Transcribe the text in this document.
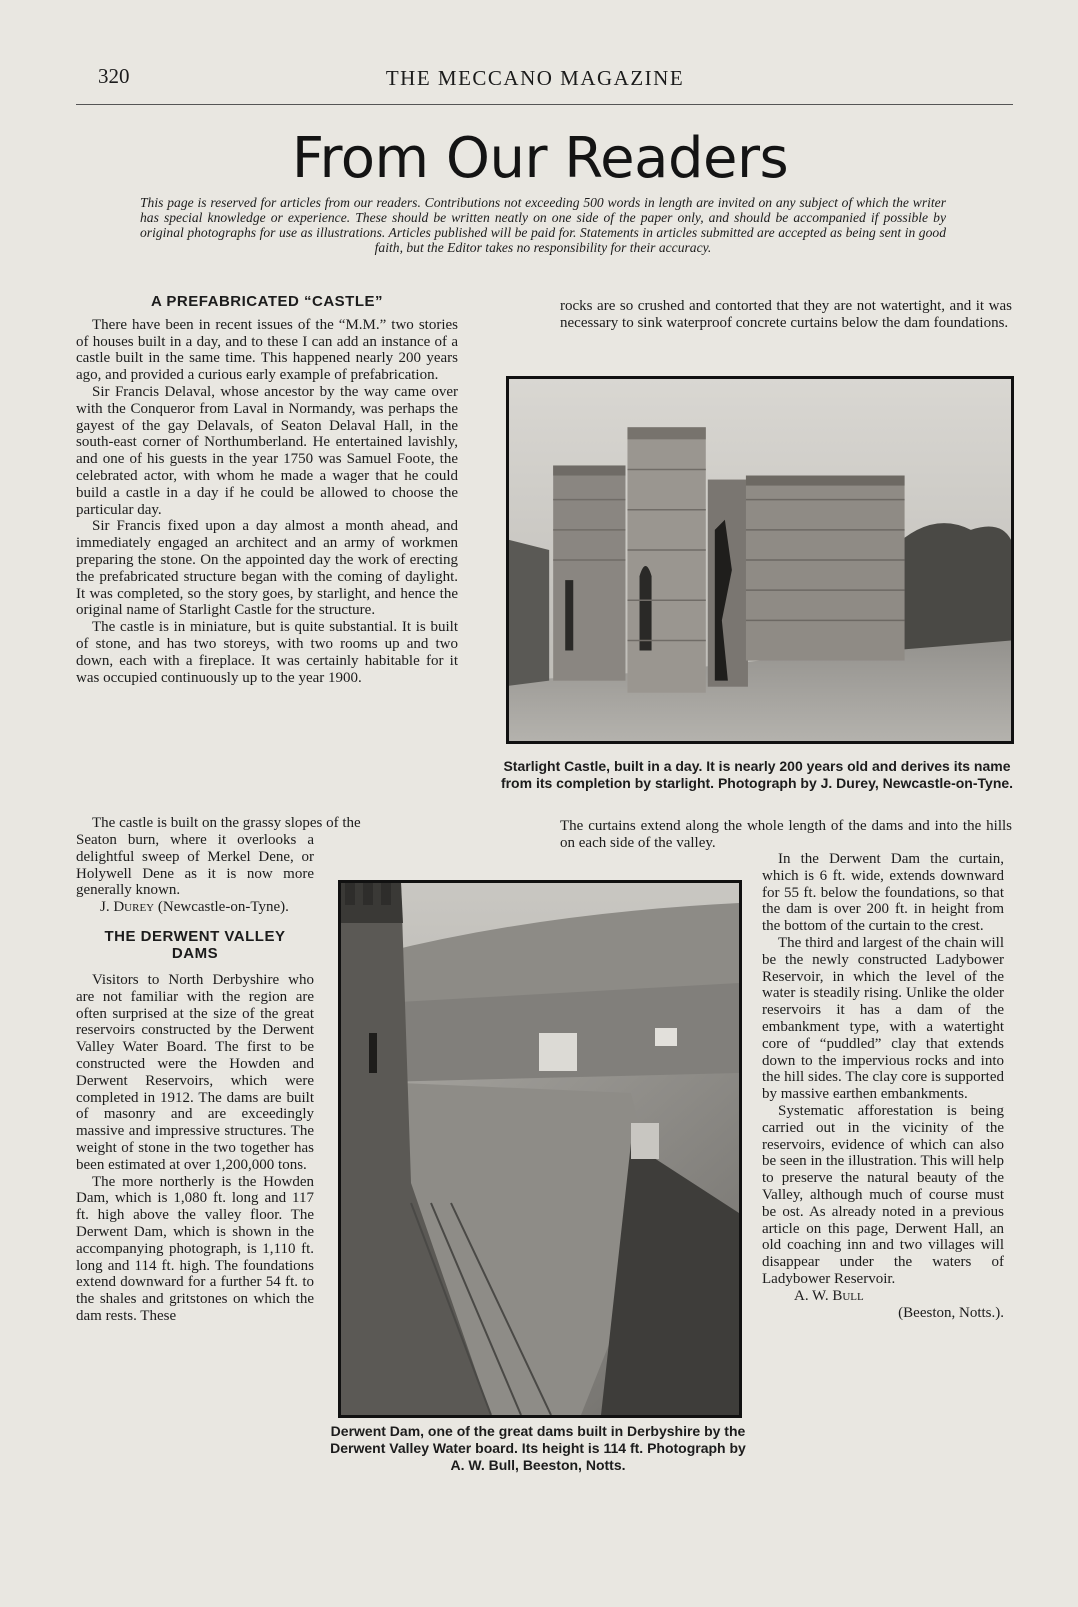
320	THE MECCANO MAGAZINE
From Our Readers
This page is reserved for articles from our readers. Contributions not exceeding 500 words in length are invited on any subject of which the writer has special knowledge or experience. These should be written neatly on one side of the paper only, and should be accompanied if possible by original photographs for use as illustrations. Articles published will be paid for. Statements in articles submitted are accepted as being sent in good faith, but the Editor takes no responsibility for their accuracy.
A PREFABRICATED “CASTLE”

There have been in recent issues of the “M.M.” two stories of houses built in a day, and to these I can add an instance of a castle built in the same time. This happened nearly 200 years ago, and provided a curious early example of prefabrication.

Sir Francis Delaval, whose ancestor by the way came over with the Conqueror from Laval in Normandy, was perhaps the gayest of the gay Delavals, of Seaton Delaval Hall, in the south-east corner of Northumberland. He entertained lavishly, and one of his guests in the year 1750 was Samuel Foote, the celebrated actor, with whom he made a wager that he could build a castle in a day if he could be allowed to choose the particular day.

Sir Francis fixed upon a day almost a month ahead, and immediately engaged an architect and an army of workmen preparing the stone. On the appointed day the work of erecting the prefabricated structure began with the coming of daylight. It was completed, so the story goes, by starlight, and hence the original name of Starlight Castle for the structure.

The castle is in miniature, but is quite substantial. It is built of stone, and has two storeys, with two rooms up and two down, each with a fireplace. It was certainly habitable for it was occupied continuously up to the year 1900.

The castle is built on the grassy slopes of the

Seaton burn, where it overlooks a delightful sweep of Merkel Dene, or Holywell Dene as it is now more generally known.

J. Durey (Newcastle-on-Tyne).

THE DERWENT VALLEY
DAMS

Visitors to North Derbyshire who are not familiar with the region are often surprised at the size of the great reservoirs constructed by the Derwent Valley Water Board. The first to be constructed were the Howden and Derwent Reservoirs, which were completed in 1912. The dams are built of masonry and are exceedingly massive and impressive structures. The weight of stone in the two together has been estimated at over 1,200,000 tons.

The more northerly is the Howden Dam, which is 1,080 ft. long and 117 ft. high above the valley floor. The Derwent Dam, which is shown in the accompanying photograph, is 1,110 ft. long and 114 ft. high. The foundations extend downward for a further 54 ft. to the shales and gritstones on which the dam rests. These

rocks are so crushed and contorted that they are not watertight, and it was necessary to sink waterproof concrete curtains below the dam foundations.

Starlight Castle, built in a day. It is nearly 200 years old and derives its name from its completion by starlight. Photograph by J. Durey, Newcastle-on-Tyne.

The curtains extend along the whole length of the dams and into the hills on each side of the valley.

Derwent Dam, one of the great dams built in Derbyshire by the Derwent Valley Water board. Its height is 114 ft. Photograph by A. W. Bull, Beeston, Notts.

In the Derwent Dam the curtain, which is 6 ft. wide, extends downward for 55 ft. below the foundations, so that the dam is over 200 ft. in height from the bottom of the curtain to the crest.

The third and largest of the chain will be the newly constructed Ladybower Reservoir, in which the level of the water is steadily rising. Unlike the older reservoirs it has a dam of the embankment type, with a watertight core of “puddled” clay that extends down to the impervious rocks and into the hill sides. The clay core is supported by massive earthen embankments.

Systematic afforestation is being carried out in the vicinity of the reservoirs, evidence of which can also be seen in the illustration. This will help to preserve the natural beauty of the Valley, although much of course must be ost. As already noted in a previous article on this page, Derwent Hall, an old coaching inn and two villages will disappear under the waters of Ladybower Reservoir.

A. W. Bull

(Beeston, Notts.).
